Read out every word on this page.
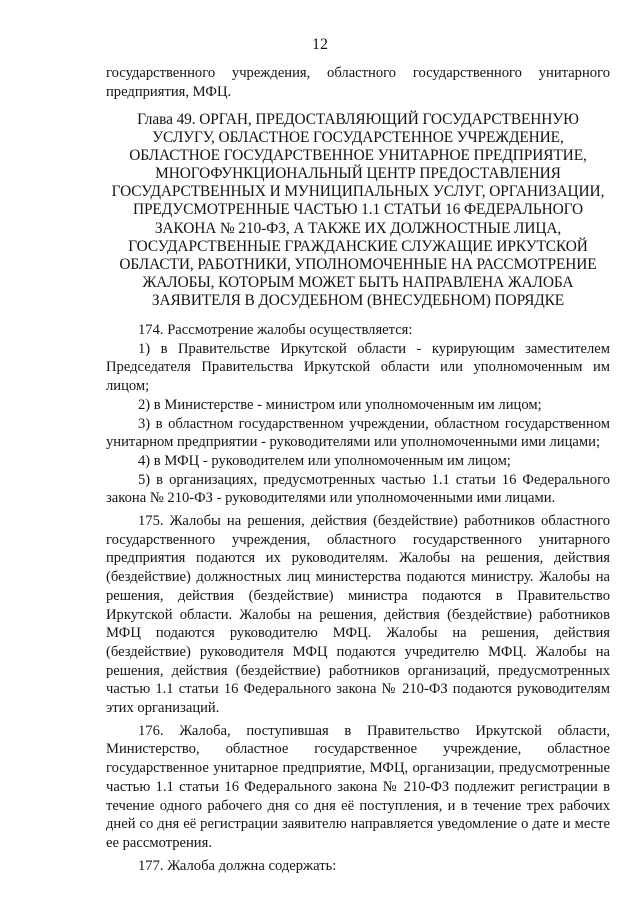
12

государственного учреждения, областного государственного унитарного

предприятия, МФЦ.

Глава 49. ОРГАН, ПРЕДОСТАВЛЯЮЩИЙ ГОСУДАРСТВЕННУЮ
УСЛУГУ, ОБЛАСТНОЕ ГОСУДАРСТЕННОЕ УЧРЕЖДЕНИЕ,
ОБЛАСТНОЕ ГОСУДАРСТВЕННОЕ УНИТАРНОЕ ПРЕДПРИЯТИЕ,
МНОГОФУНКЦИОНАЛЬНЫЙ ЦЕНТР ПРЕДОСТАВЛЕНИЯ
ГОСУДАРСТВЕННЫХ И МУНИЦИПАЛЬНЫХ УСЛУГ, ОРГАНИЗАЦИИ,
ПРЕДУСМОТРЕННЫЕ ЧАСТЬЮ 1.1 СТАТЬИ 16 ФЕДЕРАЛЬНОГО
ЗАКОНА № 210-ФЗ, А ТАКЖЕ ИХ ДОЛЖНОСТНЫЕ ЛИЦА,
ГОСУДАРСТВЕННЫЕ ГРАЖДАНСКИЕ СЛУЖАЩИЕ ИРКУТСКОЙ
ОБЛАСТИ, РАБОТНИКИ, УПОЛНОМОЧЕННЫЕ НА РАССМОТРЕНИЕ
ЖАЛОБЫ, КОТОРЫМ МОЖЕТ БЫТЬ НАПРАВЛЕНА ЖАЛОБА
ЗАЯВИТЕЛЯ В ДОСУДЕБНОМ (ВНЕСУДЕБНОМ) ПОРЯДКЕ

174. Рассмотрение жалобы осуществляется:

1) в Правительстве Иркутской области - курирующим заместителем Председателя Правительства Иркутской области или уполномоченным им лицом;

2) в Министерстве - министром или уполномоченным им лицом;

3) в областном государственном учреждении, областном государственном унитарном предприятии - руководителями или уполномоченными ими лицами;

4) в МФЦ - руководителем или уполномоченным им лицом;

5) в организациях, предусмотренных частью 1.1 статьи 16 Федерального закона № 210-ФЗ - руководителями или уполномоченными ими лицами.

175. Жалобы на решения, действия (бездействие) работников областного государственного учреждения, областного государственного унитарного предприятия подаются их руководителям. Жалобы на решения, действия (бездействие) должностных лиц министерства подаются министру. Жалобы на решения, действия (бездействие) министра подаются в Правительство Иркутской области. Жалобы на решения, действия (бездействие) работников МФЦ подаются руководителю МФЦ. Жалобы на решения, действия (бездействие) руководителя МФЦ подаются учредителю МФЦ. Жалобы на решения, действия (бездействие) работников организаций, предусмотренных частью 1.1 статьи 16 Федерального закона № 210-ФЗ подаются руководителям этих организаций.

176. Жалоба, поступившая в Правительство Иркутской области, Министерство, областное государственное учреждение, областное государственное унитарное предприятие, МФЦ, организации, предусмотренные частью 1.1 статьи 16 Федерального закона № 210-ФЗ подлежит регистрации в течение одного рабочего дня со дня её поступления, и в течение трех рабочих дней со дня её регистрации заявителю направляется уведомление о дате и месте ее рассмотрения.

177. Жалоба должна содержать:
